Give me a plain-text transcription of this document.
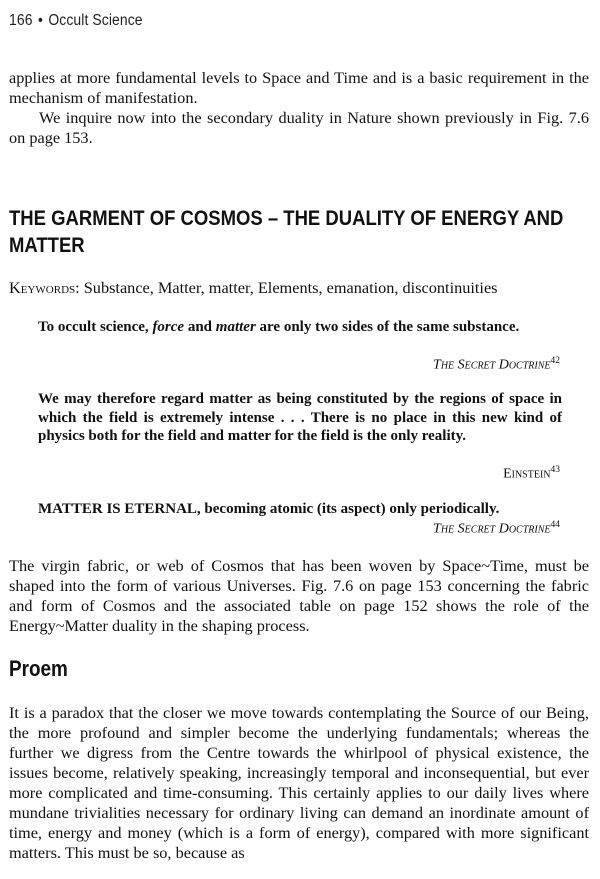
166 • Occult Science

applies at more fundamental levels to Space and Time and is a basic requirement in the mechanism of manifestation.

We inquire now into the secondary duality in Nature shown previously in Fig. 7.6 on page 153.

THE GARMENT OF COSMOS – THE DUALITY OF ENERGY AND
MATTER

Keywords: Substance, Matter, matter, Elements, emanation, discontinuities

To occult science, force and matter are only two sides of the same substance.

The Secret Doctrine$^{42}$

We may therefore regard matter as being constituted by the regions of space in which the field is extremely intense . . . There is no place in this new kind of physics both for the field and matter for the field is the only reality.

Einstein$^{43}$

MATTER IS ETERNAL, becoming atomic (its aspect) only periodically.

The Secret Doctrine$^{44}$

The virgin fabric, or web of Cosmos that has been woven by Space~Time, must be shaped into the form of various Universes. Fig. 7.6 on page 153 concerning the fabric and form of Cosmos and the associated table on page 152 shows the role of the Energy~Matter duality in the shaping process.

Proem

It is a paradox that the closer we move towards contemplating the Source of our Being, the more profound and simpler become the underlying fundamentals; whereas the further we digress from the Centre towards the whirlpool of physical existence, the issues become, relatively speaking, increasingly temporal and inconsequential, but ever more complicated and time-consuming. This certainly applies to our daily lives where mundane trivialities necessary for ordinary living can demand an inordinate amount of time, energy and money (which is a form of energy), compared with more significant matters. This must be so, because as
